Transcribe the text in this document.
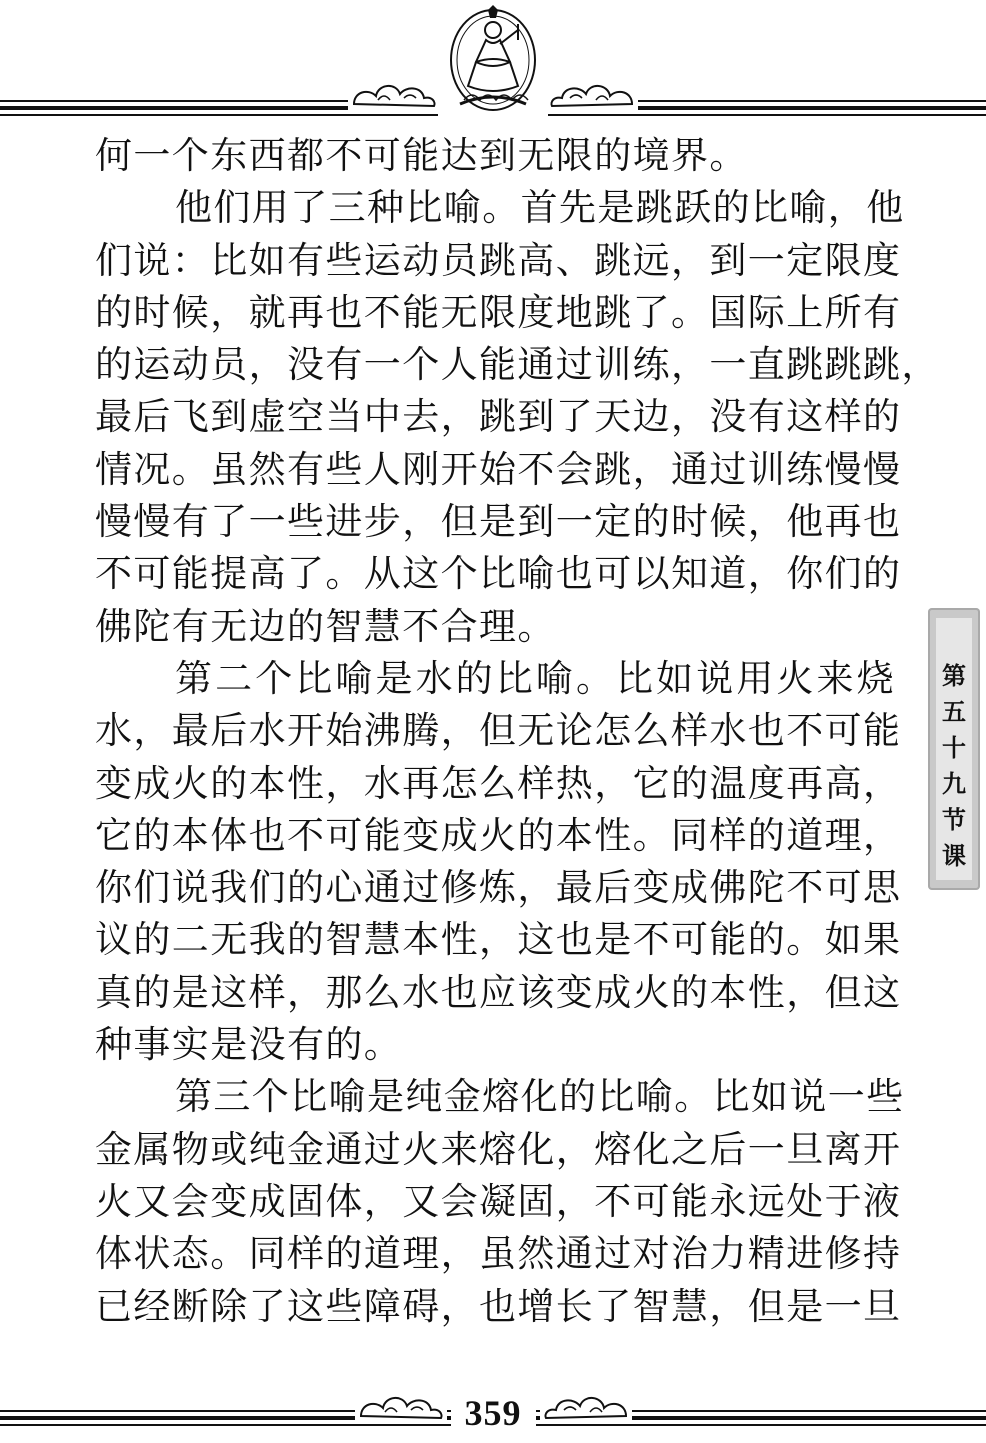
何一个东西都不可能达到无限的境界。
他们用了三种比喻。首先是跳跃的比喻，他
们说：比如有些运动员跳高、跳远，到一定限度
的时候，就再也不能无限度地跳了。国际上所有
的运动员，没有一个人能通过训练，一直跳跳跳，
最后飞到虚空当中去，跳到了天边，没有这样的
情况。虽然有些人刚开始不会跳，通过训练慢慢
慢慢有了一些进步，但是到一定的时候，他再也
不可能提高了。从这个比喻也可以知道，你们的
佛陀有无边的智慧不合理。
第二个比喻是水的比喻。比如说用火来烧
水，最后水开始沸腾，但无论怎么样水也不可能
变成火的本性，水再怎么样热，它的温度再高，
它的本体也不可能变成火的本性。同样的道理，
你们说我们的心通过修炼，最后变成佛陀不可思
议的二无我的智慧本性，这也是不可能的。如果
真的是这样，那么水也应该变成火的本性，但这
种事实是没有的。
第三个比喻是纯金熔化的比喻。比如说一些
金属物或纯金通过火来熔化，熔化之后一旦离开
火又会变成固体，又会凝固，不可能永远处于液
体状态。同样的道理，虽然通过对治力精进修持
已经断除了这些障碍，也增长了智慧，但是一旦
第
五
十
九
节
课
359
